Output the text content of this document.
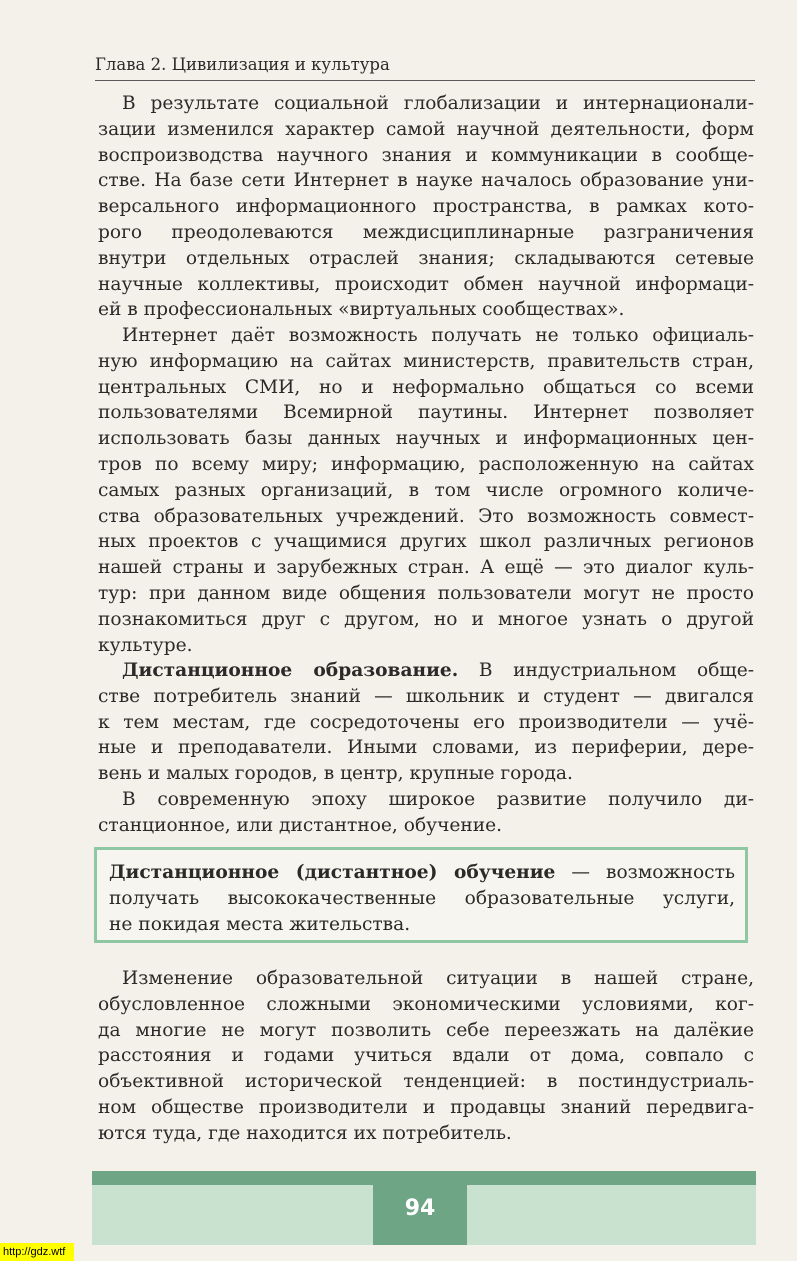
Глава 2. Цивилизация и культура
В результате социальной глобализации и интернационали-
зации изменился характер самой научной деятельности, форм
воспроизводства научного знания и коммуникации в сообще-
стве. На базе сети Интернет в науке началось образование уни-
версального информационного пространства, в рамках кото-
рого преодолеваются междисциплинарные разграничения
внутри отдельных отраслей знания; складываются сетевые
научные коллективы, происходит обмен научной информаци-
ей в профессиональных «виртуальных сообществах».
Интернет даёт возможность получать не только официаль-
ную информацию на сайтах министерств, правительств стран,
центральных СМИ, но и неформально общаться со всеми
пользователями Всемирной паутины. Интернет позволяет
использовать базы данных научных и информационных цен-
тров по всему миру; информацию, расположенную на сайтах
самых разных организаций, в том числе огромного количе-
ства образовательных учреждений. Это возможность совмест-
ных проектов с учащимися других школ различных регионов
нашей страны и зарубежных стран. А ещё — это диалог куль-
тур: при данном виде общения пользователи могут не просто
познакомиться друг с другом, но и многое узнать о другой
культуре.
Дистанционное образование. В индустриальном обще-
стве потребитель знаний — школьник и студент — двигался
к тем местам, где сосредоточены его производители — учё-
ные и преподаватели. Иными словами, из периферии, дере-
вень и малых городов, в центр, крупные города.
В современную эпоху широкое развитие получило ди-
станционное, или дистантное, обучение.
Дистанционное (дистантное) обучение — возможность
получать высококачественные образовательные услуги,
не покидая места жительства.
Изменение образовательной ситуации в нашей стране,
обусловленное сложными экономическими условиями, ког-
да многие не могут позволить себе переезжать на далёкие
расстояния и годами учиться вдали от дома, совпало с
объективной исторической тенденцией: в постиндустриаль-
ном обществе производители и продавцы знаний передвига-
ются туда, где находится их потребитель.
94
http://gdz.wtf
